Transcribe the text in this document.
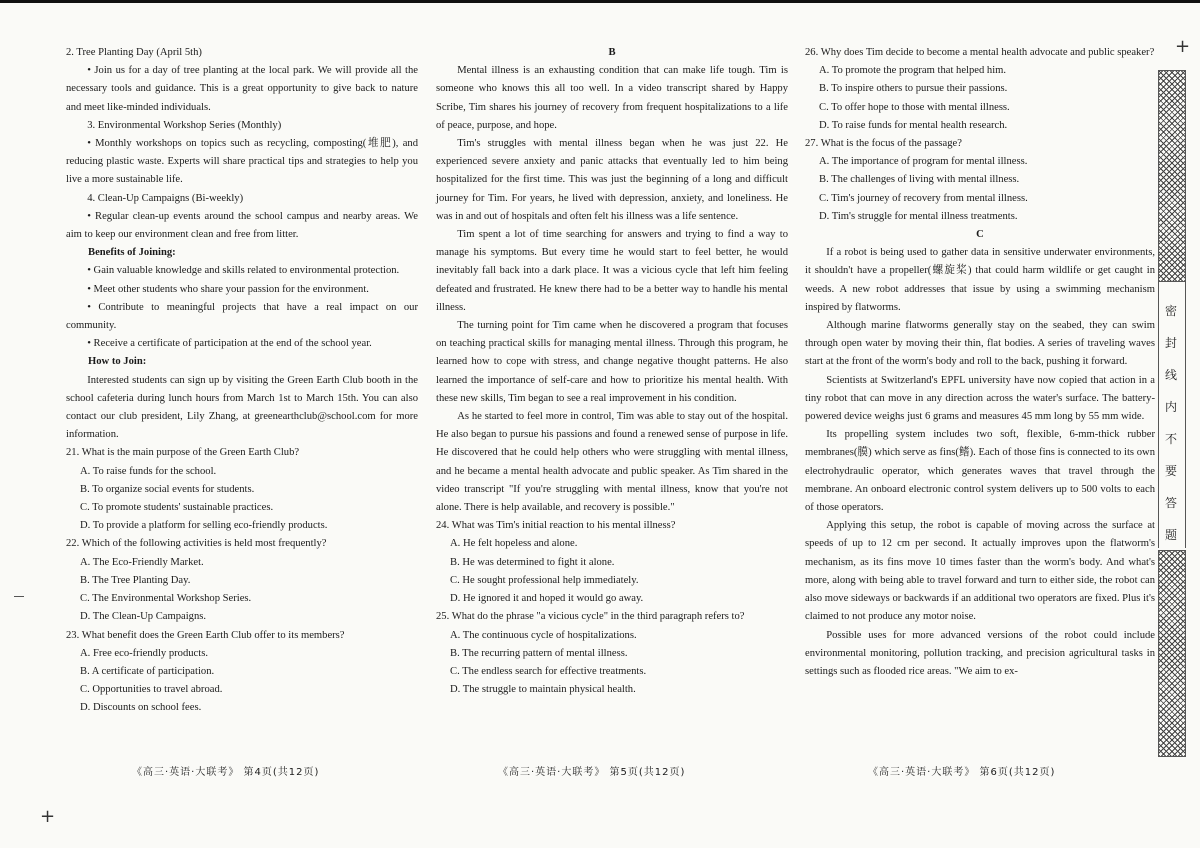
+
+

2. Tree Planting Day (April 5th)

• Join us for a day of tree planting at the local park. We will provide all the necessary tools and guidance. This is a great opportunity to give back to nature and meet like-minded individuals.

3. Environmental Workshop Series (Monthly)

• Monthly workshops on topics such as recycling, composting(堆肥), and reducing plastic waste. Experts will share practical tips and strategies to help you live a more sustainable life.

4. Clean-Up Campaigns (Bi-weekly)

• Regular clean-up events around the school campus and nearby areas. We aim to keep our environment clean and free from litter.

Benefits of Joining:

• Gain valuable knowledge and skills related to environmental protection.

• Meet other students who share your passion for the environment.

• Contribute to meaningful projects that have a real impact on our community.

• Receive a certificate of participation at the end of the school year.

How to Join:

Interested students can sign up by visiting the Green Earth Club booth in the school cafeteria during lunch hours from March 1st to March 15th. You can also contact our club president, Lily Zhang, at greenearthclub@school.com for more information.

21. What is the main purpose of the Green Earth Club?

A. To raise funds for the school.

B. To organize social events for students.

C. To promote students' sustainable practices.

D. To provide a platform for selling eco-friendly products.

22. Which of the following activities is held most frequently?

A. The Eco-Friendly Market.

B. The Tree Planting Day.

C. The Environmental Workshop Series.

D. The Clean-Up Campaigns.

23. What benefit does the Green Earth Club offer to its members?

A. Free eco-friendly products.

B. A certificate of participation.

C. Opportunities to travel abroad.

D. Discounts on school fees.

B

Mental illness is an exhausting condition that can make life tough. Tim is someone who knows this all too well. In a video transcript shared by Happy Scribe, Tim shares his journey of recovery from frequent hospitalizations to a life of peace, purpose, and hope.

Tim's struggles with mental illness began when he was just 22. He experienced severe anxiety and panic attacks that eventually led to him being hospitalized for the first time. This was just the beginning of a long and difficult journey for Tim. For years, he lived with depression, anxiety, and loneliness. He was in and out of hospitals and often felt his illness was a life sentence.

Tim spent a lot of time searching for answers and trying to find a way to manage his symptoms. But every time he would start to feel better, he would inevitably fall back into a dark place. It was a vicious cycle that left him feeling defeated and frustrated. He knew there had to be a better way to handle his mental illness.

The turning point for Tim came when he discovered a program that focuses on teaching practical skills for managing mental illness. Through this program, he learned how to cope with stress, and change negative thought patterns. He also learned the importance of self-care and how to prioritize his mental health. With these new skills, Tim began to see a real improvement in his condition.

As he started to feel more in control, Tim was able to stay out of the hospital. He also began to pursue his passions and found a renewed sense of purpose in life. He discovered that he could help others who were struggling with mental illness, and he became a mental health advocate and public speaker. As Tim shared in the video transcript "If you're struggling with mental illness, know that you're not alone. There is help available, and recovery is possible."

24. What was Tim's initial reaction to his mental illness?

A. He felt hopeless and alone.

B. He was determined to fight it alone.

C. He sought professional help immediately.

D. He ignored it and hoped it would go away.

25. What do the phrase "a vicious cycle" in the third paragraph refers to?

A. The continuous cycle of hospitalizations.

B. The recurring pattern of mental illness.

C. The endless search for effective treatments.

D. The struggle to maintain physical health.

26. Why does Tim decide to become a mental health advocate and public speaker?

A. To promote the program that helped him.

B. To inspire others to pursue their passions.

C. To offer hope to those with mental illness.

D. To raise funds for mental health research.

27. What is the focus of the passage?

A. The importance of program for mental illness.

B. The challenges of living with mental illness.

C. Tim's journey of recovery from mental illness.

D. Tim's struggle for mental illness treatments.

C

If a robot is being used to gather data in sensitive underwater environments, it shouldn't have a propeller(螺旋桨) that could harm wildlife or get caught in weeds. A new robot addresses that issue by using a swimming mechanism inspired by flatworms.

Although marine flatworms generally stay on the seabed, they can swim through open water by moving their thin, flat bodies. A series of traveling waves start at the front of the worm's body and roll to the back, pushing it forward.

Scientists at Switzerland's EPFL university have now copied that action in a tiny robot that can move in any direction across the water's surface. The battery-powered device weighs just 6 grams and measures 45 mm long by 55 mm wide.

Its propelling system includes two soft, flexible, 6-mm-thick rubber membranes(膜) which serve as fins(鳍). Each of those fins is connected to its own electrohydraulic operator, which generates waves that travel through the membrane. An onboard electronic control system delivers up to 500 volts to each of those operators.

Applying this setup, the robot is capable of moving across the surface at speeds of up to 12 cm per second. It actually improves upon the flatworm's mechanism, as its fins move 10 times faster than the worm's body. And what's more, along with being able to travel forward and turn to either side, the robot can also move sideways or backwards if an additional two operators are fixed. Plus it's claimed to not produce any motor noise.

Possible uses for more advanced versions of the robot could include environmental monitoring, pollution tracking, and precision agricultural tasks in settings such as flooded rice areas. "We aim to ex-

《高三·英语·大联考》 第4页(共12页)	《高三·英语·大联考》 第5页(共12页)	《高三·英语·大联考》 第6页(共12页)
密
封
线
内
不
要
答
题
